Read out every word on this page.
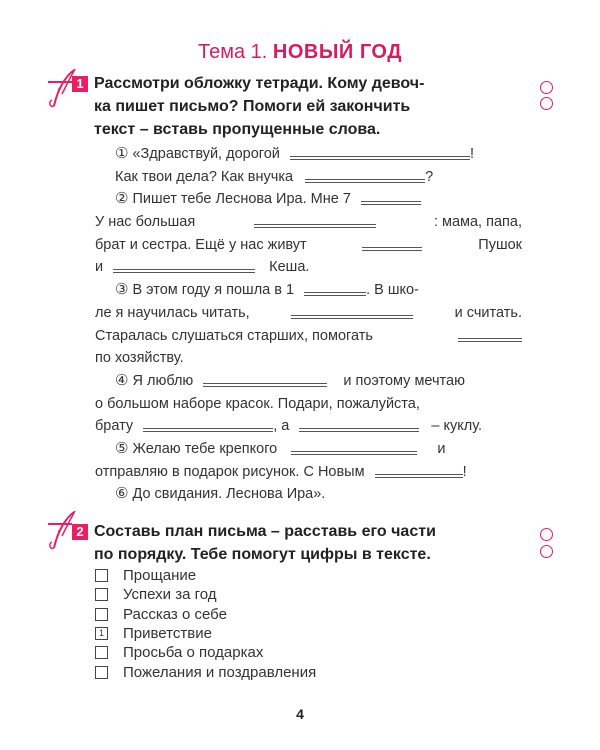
Тема 1. НОВЫЙ ГОД
1 Рассмотри обложку тетради. Кому девоч-
ка пишет письмо? Помоги ей закончить
текст – вставь пропущенные слова.

① «Здравствуй, дорогой	!
Как твои дела? Как внучка	?
② Пишет тебе Леснова Ира. Мне 7
У нас большая	: мама, папа,
брат и сестра. Ещё у нас живут	Пушок
и	Кеша.
③ В этом году я пошла в 1	. В шко-
ле я научилась читать,	и считать.
Старалась слушаться старших, помогать
по хозяйству.
④ Я люблю	и поэтому мечтаю
о большом наборе красок. Подари, пожалуйста,
брату	, а	– куклу.
⑤ Желаю тебе крепкого	и
отправляю в подарок рисунок. С Новым	!
⑥ До свидания. Леснова Ира».
2 Составь план письма – расставь его части
по порядку. Тебе помогут цифры в тексте.

Прощание
Успехи за год
Рассказ о себе
1 Приветствие
Просьба о подарках
Пожелания и поздравления
4
